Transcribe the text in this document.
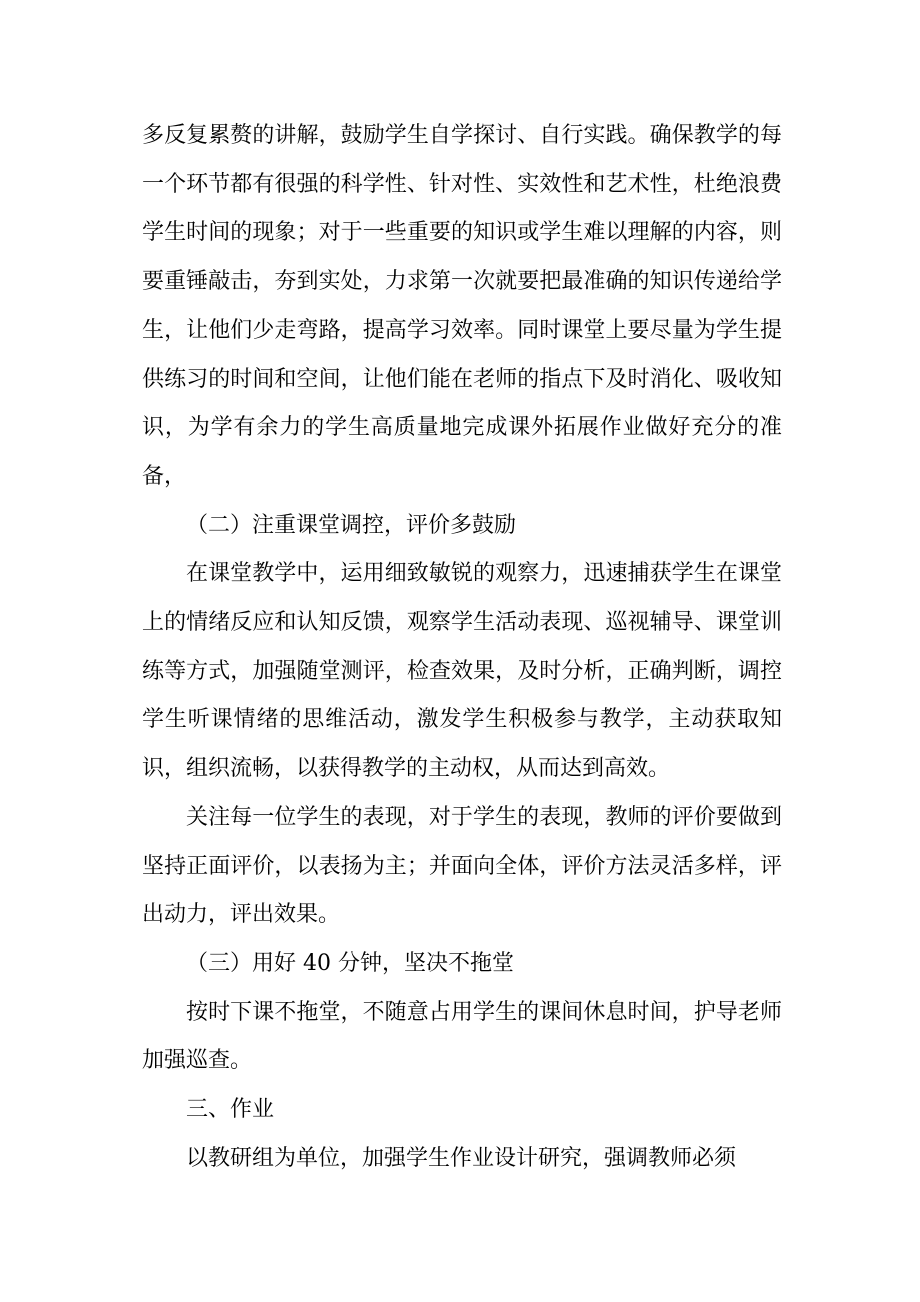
多反复累赘的讲解，鼓励学生自学探讨、自行实践。确保教学的每一个环节都有很强的科学性、针对性、实效性和艺术性，杜绝浪费学生时间的现象；对于一些重要的知识或学生难以理解的内容，则要重锤敲击，夯到实处，力求第一次就要把最准确的知识传递给学生，让他们少走弯路，提高学习效率。同时课堂上要尽量为学生提供练习的时间和空间，让他们能在老师的指点下及时消化、吸收知识，为学有余力的学生高质量地完成课外拓展作业做好充分的准备，

（二）注重课堂调控，评价多鼓励

在课堂教学中，运用细致敏锐的观察力，迅速捕获学生在课堂上的情绪反应和认知反馈，观察学生活动表现、巡视辅导、课堂训练等方式，加强随堂测评，检查效果，及时分析，正确判断，调控学生听课情绪的思维活动，激发学生积极参与教学，主动获取知识，组织流畅，以获得教学的主动权，从而达到高效。

关注每一位学生的表现，对于学生的表现，教师的评价要做到坚持正面评价，以表扬为主；并面向全体，评价方法灵活多样，评出动力，评出效果。

（三）用好 40 分钟，坚决不拖堂

按时下课不拖堂，不随意占用学生的课间休息时间，护导老师加强巡查。

三、作业

以教研组为单位，加强学生作业设计研究，强调教师必须
